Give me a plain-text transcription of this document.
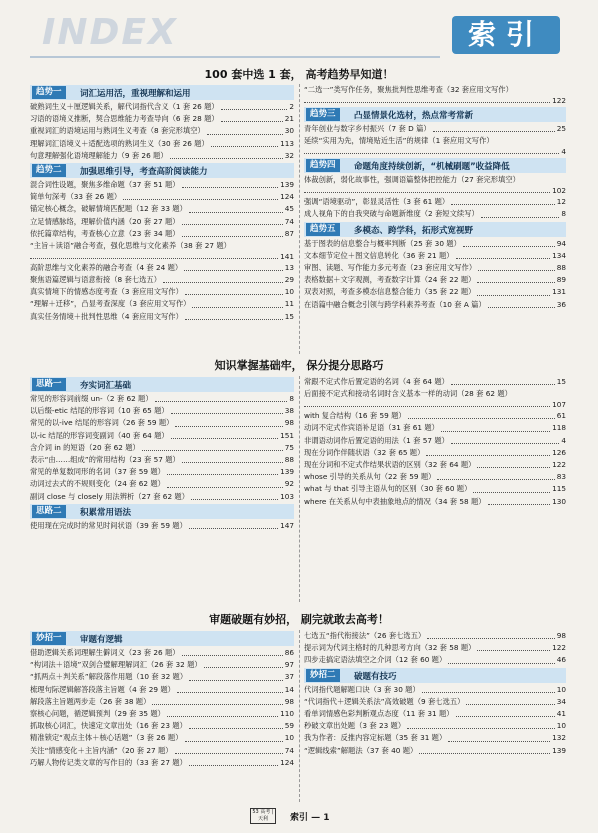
INDEX	索引
100 套中选 1 套， 高考趋势早知道！
趋势一	词汇运用活，重视理解和运用
破熟词生义＋厘逻辑关系，解代词指代含义（1 套 26 题）	2
习语的语境义推断，契合思维能力考查导向（6 套 28 题）	21
重视词汇的语境运用与熟词生义考查（8 套完形填空）	30
理解词汇语境义＋适配选项的熟词生义（30 套 26 题）	113
句意理解强化语境理解能力（9 套 26 题）	32
趋势二	加强思维引导，考查高阶阅读能力
混合词性设题，聚焦多维命题（37 套 51 题）	139
简单句深考（33 套 26 题）	124
锚定核心概念，破解情境匹配题（12 套 33 题）	45
立足情感脉络，理解价值内涵（20 套 27 题）	74
依托篇章结构，考查核心立意（23 套 34 题）	87
“主旨＋读语”融合考查，强化思维与文化素养（38 套 27 题）
141
高阶思维与文化素养的融合考查（4 套 24 题）	13
聚焦语篇逻辑与语意衔接（8 套七选五）	29
真实情境下的情感态度考查（3 套应用文写作）	10
“理解＋迁移”，凸显考查深度（3 套应用文写作）	11
真实任务情境＋批判性思维（4 套应用文写作）	15
“二选一”类写作任务，聚焦批判性思维考查（32 套应用文写作）
122
趋势三	凸显情景化选材，热点常考常新
青年创业与数字乡村振兴（7 套 D 篇）	25
延续“实用为先，情境贴近生活”的规律（1 套应用文写作）
4
趋势四	命题角度持续创新，“机械刷题”收益降低
体裁创新，弱化故事性，强调语篇整体把控能力（27 套完形填空）
102
强调“语境驱动”，彰显灵活性（3 套 61 题）	12
成人视角下的自我突破与命题新维度（2 套短文续写）	8
趋势五	多模态、跨学科，拓形式宽视野
基于图表的信息整合与概率判断（25 套 30 题）	94
文本细节定位＋图文信息转化（36 套 21 题）	134
审图、读题、写作能力多元考查（23 套应用文写作）	88
表格数据＋文字观测，考查数字计算（24 套 22 题）	89
双表对照，考查多模态信息整合能力（35 套 22 题）	131
在语篇中融合概念引领与跨学科素养考查（10 套 A 篇）	36
知识掌握基础牢， 保分提分思路巧
思路一	夯实词汇基础
常见的形容词前缀 un-（2 套 62 题）	8
以后缀-etic 结尾的形容词（10 套 65 题）	38
常见的以-ive 结尾的形容词（26 套 59 题）	98
以-ic 结尾的形容词变副词（40 套 64 题）	151
含介词 in 的短语（20 套 62 题）	75
表示“由……组成”的常用结构（23 套 57 题）	88
常见的单复数同形的名词（37 套 59 题）	139
动词过去式的不规则变化（24 套 62 题）	92
副词 close 与 closely 用法辨析（27 套 62 题）	103
思路二	积累常用语法
使用现在完成时的常见时间状语（39 套 59 题）	147
常跟不定式作后置定语的名词（4 套 64 题）	15
后面接不定式和接动名词时含义基本一样的动词（28 套 62 题）
107
with 复合结构（16 套 59 题）	61
动词不定式作宾语补足语（31 套 61 题）	118
非谓语动词作后置定语的用法（1 套 57 题）	4
现在分词作伴随状语（32 套 65 题）	126
现在分词和不定式作结果状语的区别（32 套 64 题）	122
whose 引导的关系从句（22 套 59 题）	83
what 与 that 引导主语从句的区别（30 套 60 题）	115
where 在关系从句中表抽象地点的情况（34 套 58 题）	130
审题破题有妙招， 刷完就敢去高考！
妙招一	审题有逻辑
借助逻辑关系词理解生僻词义（23 套 26 题）	86
“构词法＋语境”双剑合璧解理解词汇（26 套 32 题）	97
“抓两点＋判关系”解段落作用题（10 套 32 题）	37
梳理句际逻辑解答段落主旨题（4 套 29 题）	14
解段落主旨题两步走（26 套 38 题）	98
察核心问题，循逻辑预判（29 套 35 题）	110
抓取核心词汇，快速定文章出处（16 套 23 题）	59
精准锁定“观点主体＋核心话题”（3 套 26 题）	10
关注“情感变化＋主旨内涵”（20 套 27 题）	74
巧解人物传记类文章的写作目的（33 套 27 题）	124
七选五“指代衔接法”（26 套七选五）	98
提示词为代词主格时的几种思考方向（32 套 58 题）	122
四步走搞定语法填空之介词（12 套 60 题）	46
妙招二	破题有技巧
代词指代题解题口诀（3 套 30 题）	10
“代词指代＋逻辑关系法”高效破题（9 套七选五）	34
看单词情感色彩判断观点态度（11 套 31 题）	41
秒破文章出处题（3 套 23 题）	10
我为作者：反推内容定标题（35 套 31 题）	132
“逻辑线索”解题法（37 套 40 题）	139
53 高考 | 天利	索引 — 1
